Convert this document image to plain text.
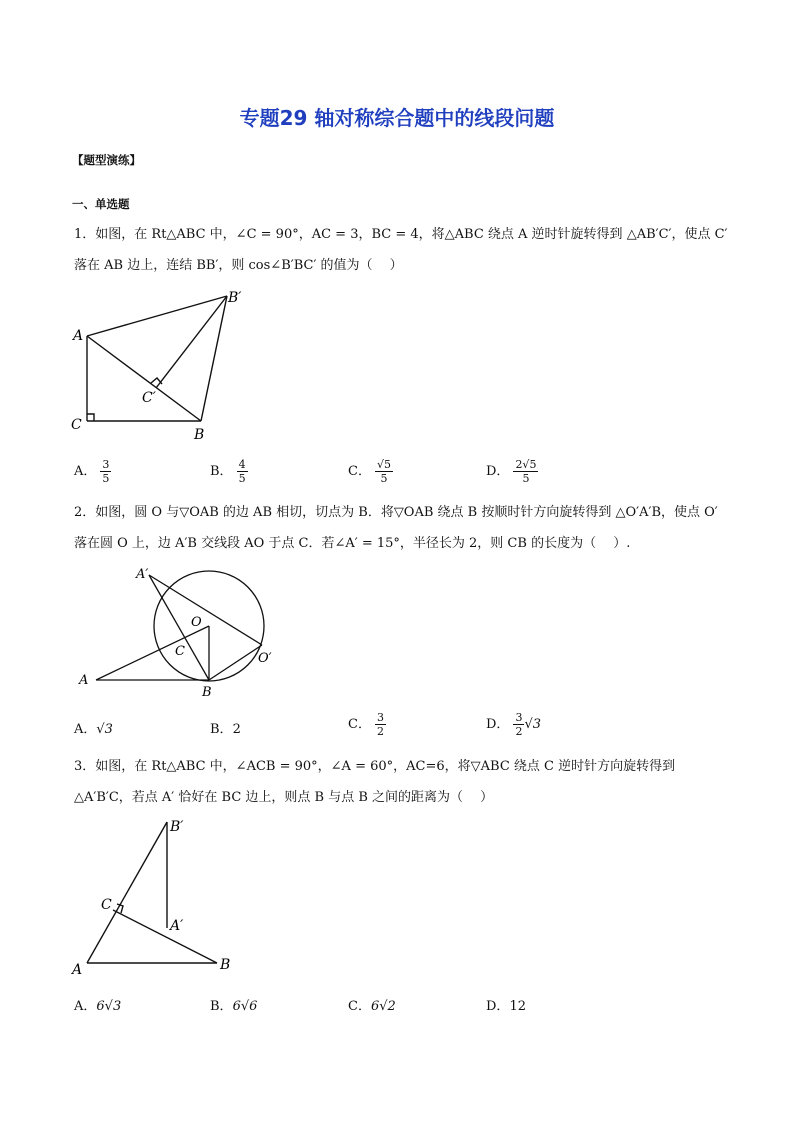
专题29 轴对称综合题中的线段问题
【题型演练】
一、单选题
1．如图，在 Rt△ABC 中，∠C = 90°，AC = 3，BC = 4，将△ABC 绕点 A 逆时针旋转得到 △AB′C′，使点 C′
落在 AB 边上，连结 BB′，则 cos∠B′BC′ 的值为（　 ）
A
C
B
B′
C′
A． $\frac{3}{5}$	B． $\frac{4}{5}$	C． $\frac{√5}{5}$	D． $\frac{2√5}{5}$
2．如图，圆 O 与▽OAB 的边 AB 相切，切点为 B．将▽OAB 绕点 B 按顺时针方向旋转得到 △O′A′B，使点 O′
落在圆 O 上，边 A′B 交线段 AO 于点 C．若∠A′ = 15°，半径长为 2，则 CB 的长度为（　 ）.
A′
O
C	O′
A
B
A．√3	B．2	C． $\frac{3}{2}$	D． $\frac{3}{2} √3$
3．如图，在 Rt△ABC 中，∠ACB = 90°，∠A = 60°，AC=6，将▽ABC 绕点 C 逆时针方向旋转得到
△A′B′C，若点 A′ 恰好在 BC 边上，则点 B 与点 B 之间的距离为（　 ）
B′
C
A′
A	B
A．6√3	B．6√6	C．6√2	D．12
